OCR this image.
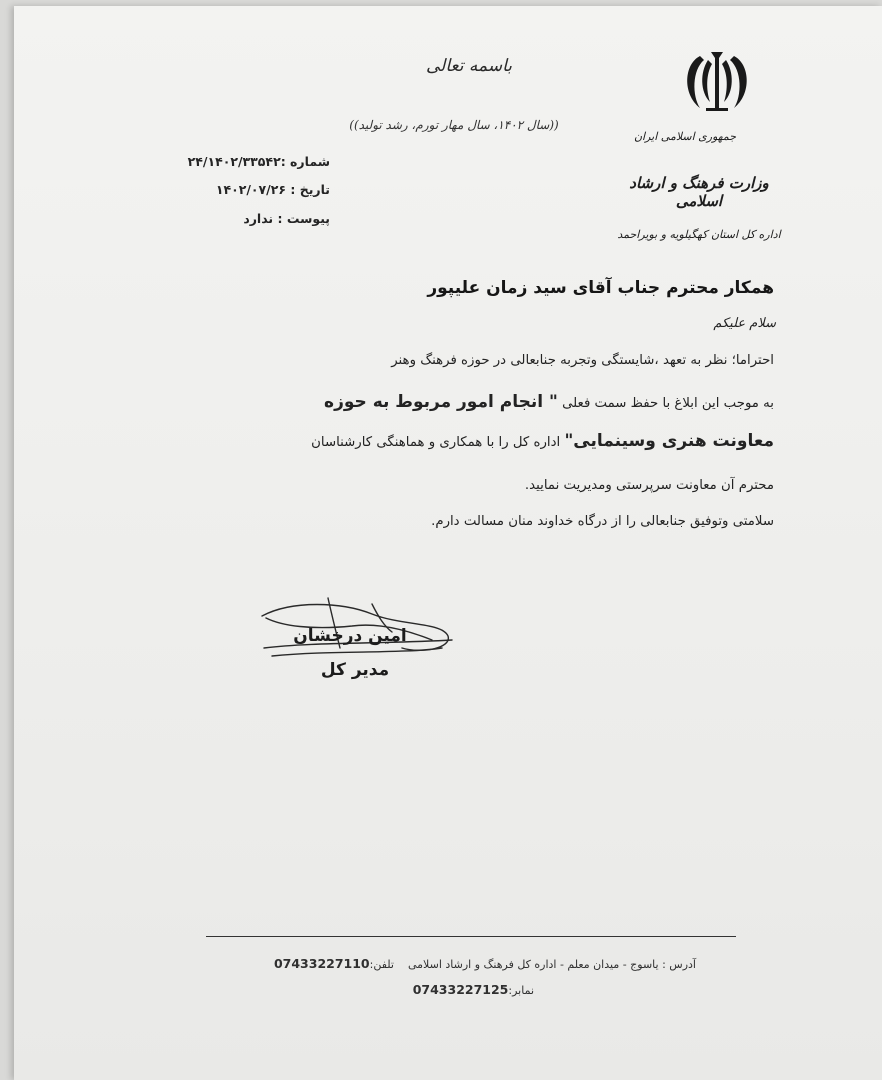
باسمه تعالی
((سال ۱۴۰۲، سال مهار تورم، رشد تولید))
جمهوری اسلامی ایران
وزارت فرهنگ و ارشاد اسلامی
اداره کل استان کهگیلویه و بویراحمد
شماره :۲۴/۱۴۰۲/۳۳۵۴۲
تاریخ : ۱۴۰۲/۰۷/۲۶
پیوست : ندارد
همکار محترم جناب آقای سید زمان علیپور
سلام علیکم
احتراما؛ نظر به تعهد ،شایستگی وتجربه جنابعالی در حوزه فرهنگ وهنر
به موجب این ابلاغ با حفظ سمت فعلی " انجام امور مربوط به حوزه
معاونت هنری وسینمایی" اداره کل را با همکاری و هماهنگی کارشناسان
محترم آن معاونت سرپرستی ومدیریت نمایید.
سلامتی وتوفیق جنابعالی را از درگاه خداوند منان مسالت دارم.
امین درخشان
مدیر کل
آدرس : یاسوج - میدان معلم - اداره کل فرهنگ و ارشاد اسلامی    تلفن:07433227110
نمابر:07433227125
